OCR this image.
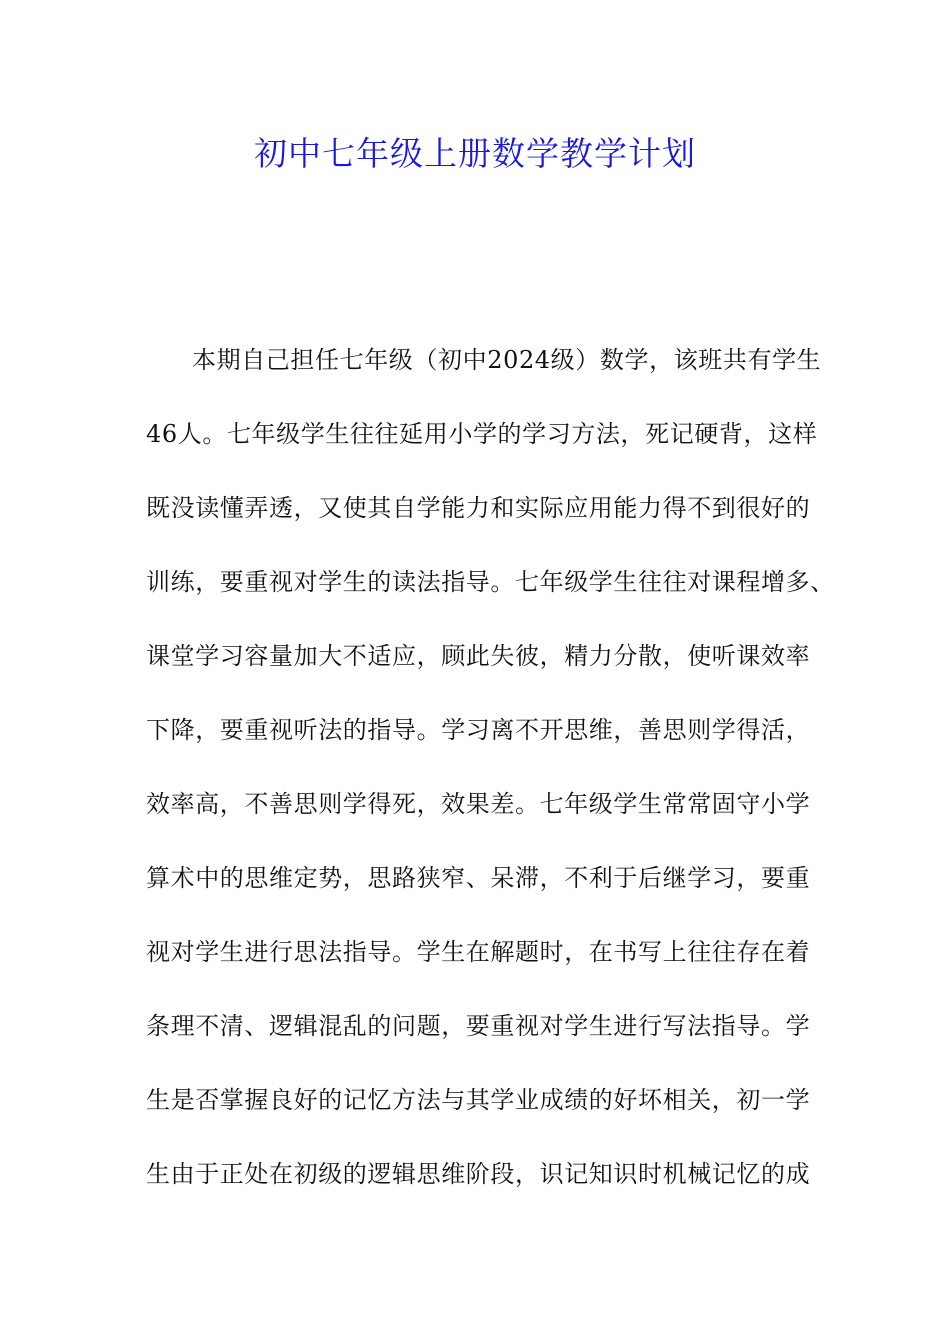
初中七年级上册数学教学计划
本期自己担任七年级（初中2024级）数学，该班共有学生
46人。七年级学生往往延用小学的学习方法，死记硬背，这样
既没读懂弄透，又使其自学能力和实际应用能力得不到很好的
训练，要重视对学生的读法指导。七年级学生往往对课程增多、
课堂学习容量加大不适应，顾此失彼，精力分散，使听课效率
下降，要重视听法的指导。学习离不开思维，善思则学得活，
效率高，不善思则学得死，效果差。七年级学生常常固守小学
算术中的思维定势，思路狭窄、呆滞，不利于后继学习，要重
视对学生进行思法指导。学生在解题时，在书写上往往存在着
条理不清、逻辑混乱的问题，要重视对学生进行写法指导。学
生是否掌握良好的记忆方法与其学业成绩的好坏相关，初一学
生由于正处在初级的逻辑思维阶段，识记知识时机械记忆的成
